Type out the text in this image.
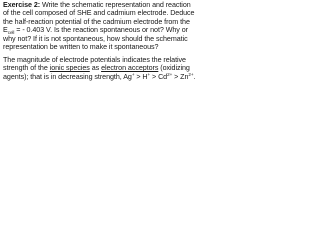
Exercise 2: Write the schematic representation and reaction of the cell composed of SHE and cadmium electrode. Deduce the half-reaction potential of the cadmium electrode from the Ecell = - 0.403 V. Is the reaction spontaneous or not? Why or why not? If it is not spontaneous, how should the schematic representation be written to make it spontaneous?

The magnitude of electrode potentials indicates the relative strength of the ionic species as electron acceptors (oxidizing agents); that is in decreasing strength, $Ag^+ > H^+ > Cd^{2+} > Zn^{2+}$.
